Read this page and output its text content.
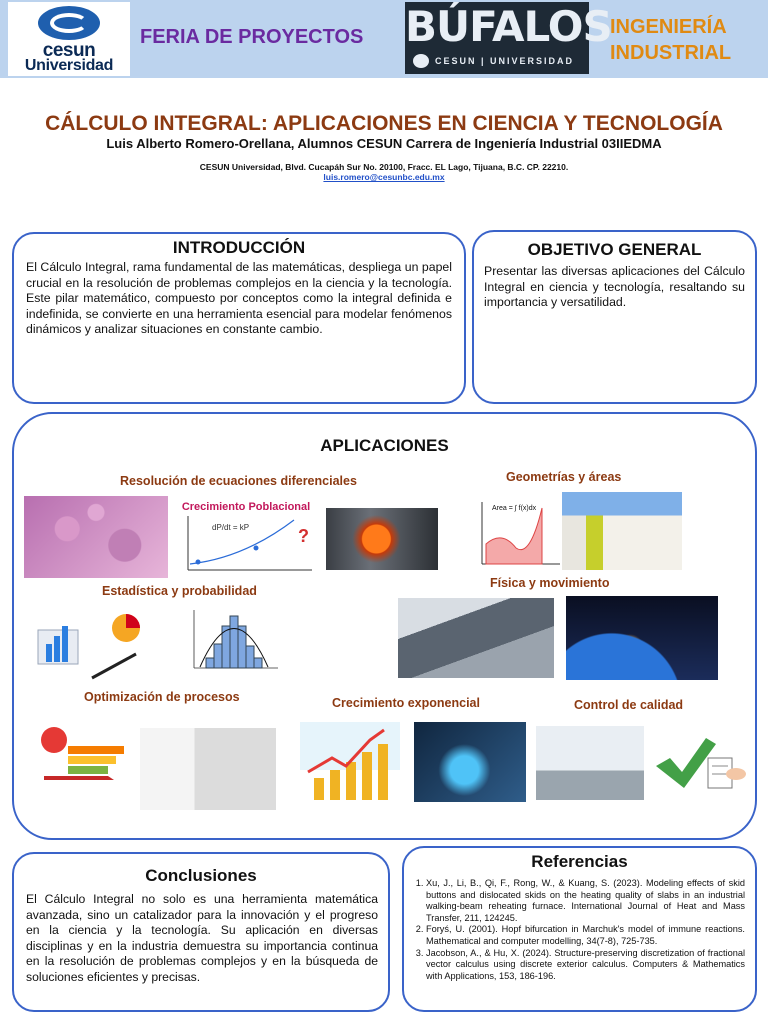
cesun
Universidad
FERIA DE PROYECTOS BÚFALOS
CESUN | UNIVERSIDAD
INGENIERÍA
INDUSTRIAL
CÁLCULO INTEGRAL: APLICACIONES EN CIENCIA Y TECNOLOGÍA
Luis Alberto Romero-Orellana, Alumnos CESUN Carrera de Ingeniería Industrial 03IIEDMA
CESUN Universidad, Blvd. Cucapáh Sur No. 20100, Fracc. EL Lago, Tijuana, B.C. CP. 22210.
luis.romero@cesunbc.edu.mx
INTRODUCCIÓN

El Cálculo Integral, rama fundamental de las matemáticas, despliega un papel crucial en la resolución de problemas complejos en la ciencia y la tecnología. Este pilar matemático, compuesto por conceptos como la integral definida e indefinida, se convierte en una herramienta esencial para modelar fenómenos dinámicos y analizar situaciones en constante cambio.

OBJETIVO GENERAL

Presentar las diversas aplicaciones del Cálculo Integral en ciencia y tecnología, resaltando su importancia y versatilidad.

APLICACIONES
Resolución de ecuaciones diferenciales	Geometrías y áreas
Crecimiento Poblacional
dP/dt = kP	?
Area = ∫ f(x)dx
Estadística y probabilidad
Física y movimiento
Optimización de procesos	Crecimiento exponencial	Control de calidad
Conclusiones

El Cálculo Integral no solo es una herramienta matemática avanzada, sino un catalizador para la innovación y el progreso en la ciencia y la tecnología. Su aplicación en diversas disciplinas y en la industria demuestra su importancia continua en la resolución de problemas complejos y en la búsqueda de soluciones eficientes y precisas.

Referencias
1. Xu, J., Li, B., Qi, F., Rong, W., & Kuang, S. (2023). Modeling effects of skid buttons and dislocated skids on the heating quality of slabs in an industrial walking-beam reheating furnace. International Journal of Heat and Mass Transfer, 211, 124245.
2. Foryś, U. (2001). Hopf bifurcation in Marchuk's model of immune reactions. Mathematical and computer modelling, 34(7-8), 725-735.
3. Jacobson, A., & Hu, X. (2024). Structure-preserving discretization of fractional vector calculus using discrete exterior calculus. Computers & Mathematics with Applications, 153, 186-196.
